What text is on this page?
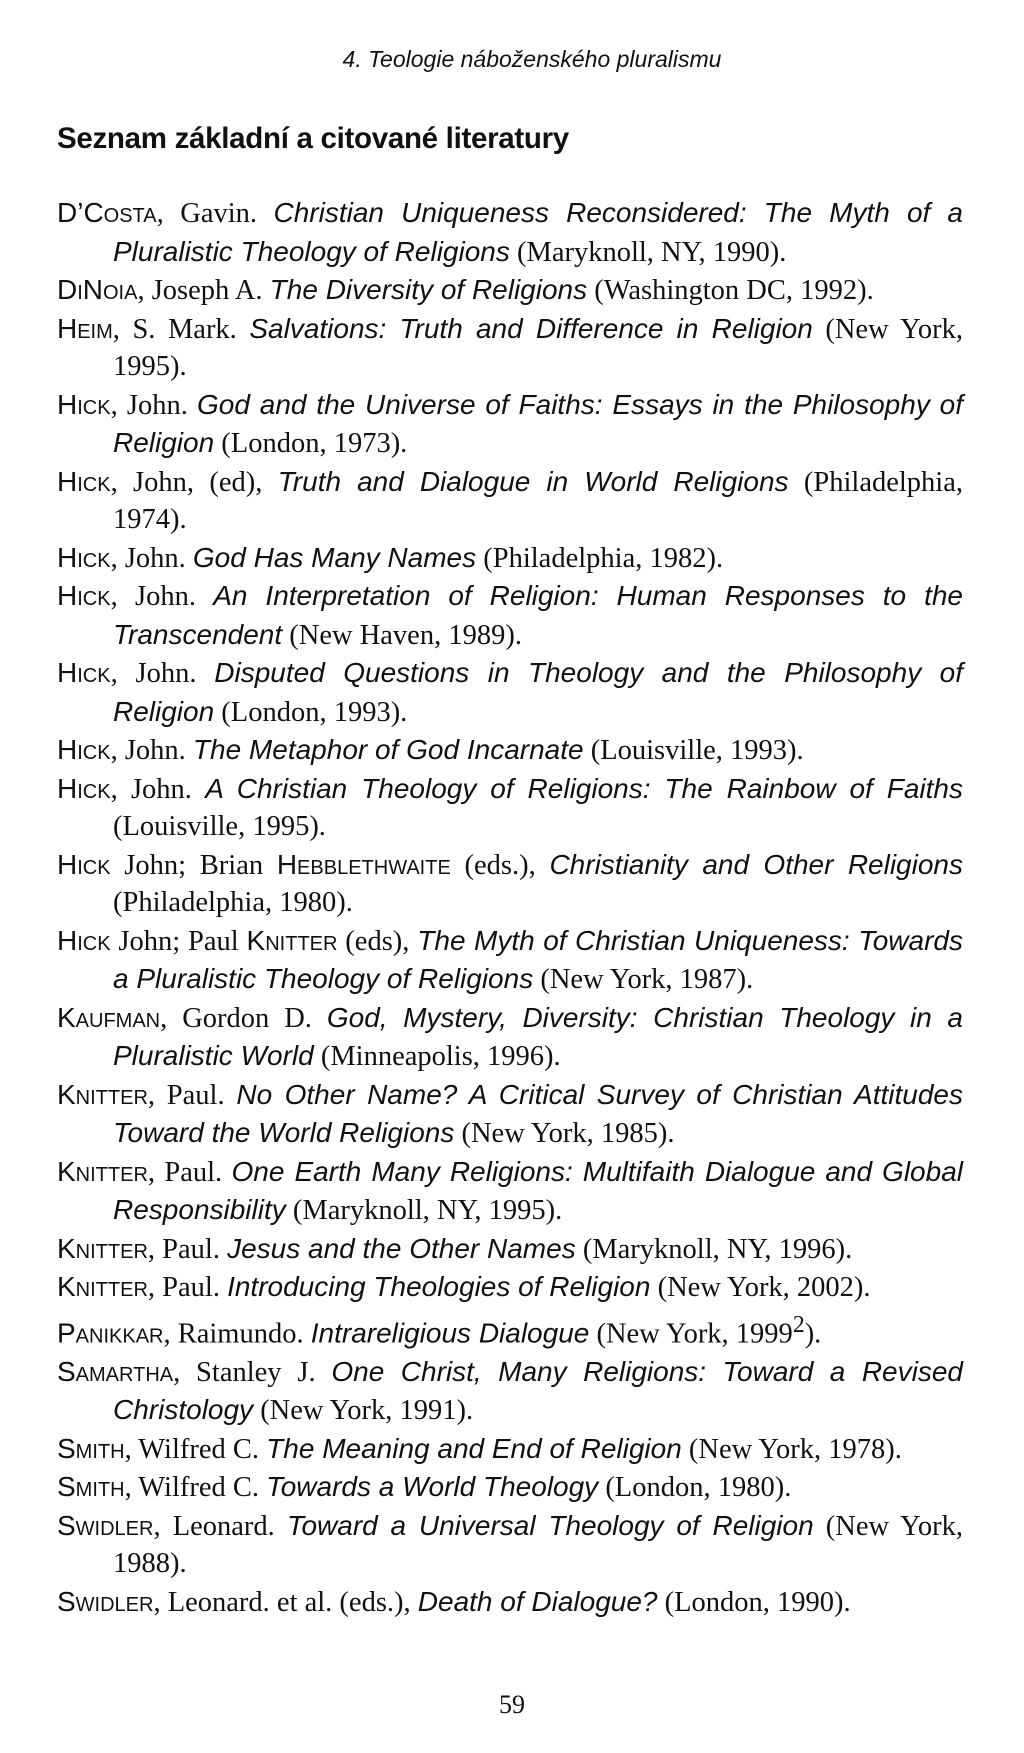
4. Teologie náboženského pluralismu
Seznam základní a citované literatury
D’Costa, Gavin. Christian Uniqueness Reconsidered: The Myth of a Pluralistic Theology of Religions (Maryknoll, NY, 1990).
DiNoia, Joseph A. The Diversity of Religions (Washington DC, 1992).
Heim, S. Mark. Salvations: Truth and Difference in Religion (New York, 1995).
Hick, John. God and the Universe of Faiths: Essays in the Philosophy of Religion (London, 1973).
Hick, John, (ed), Truth and Dialogue in World Religions (Philadelphia, 1974).
Hick, John. God Has Many Names (Philadelphia, 1982).
Hick, John. An Interpretation of Religion: Human Responses to the Transcendent (New Haven, 1989).
Hick, John. Disputed Questions in Theology and the Philosophy of Religion (London, 1993).
Hick, John. The Metaphor of God Incarnate (Louisville, 1993).
Hick, John. A Christian Theology of Religions: The Rainbow of Faiths (Louisville, 1995).
Hick John; Brian Hebblethwaite (eds.), Christianity and Other Religions (Philadelphia, 1980).
Hick John; Paul Knitter (eds), The Myth of Christian Uniqueness: Towards a Pluralistic Theology of Religions (New York, 1987).
Kaufman, Gordon D. God, Mystery, Diversity: Christian Theology in a Pluralistic World (Minneapolis, 1996).
Knitter, Paul. No Other Name? A Critical Survey of Christian Attitudes Toward the World Religions (New York, 1985).
Knitter, Paul. One Earth Many Religions: Multifaith Dialogue and Global Responsibility (Maryknoll, NY, 1995).
Knitter, Paul. Jesus and the Other Names (Maryknoll, NY, 1996).
Knitter, Paul. Introducing Theologies of Religion (New York, 2002).
Panikkar, Raimundo. Intrareligious Dialogue (New York, 1999$^2$).
Samartha, Stanley J. One Christ, Many Religions: Toward a Revised Christology (New York, 1991).
Smith, Wilfred C. The Meaning and End of Religion (New York, 1978).
Smith, Wilfred C. Towards a World Theology (London, 1980).
Swidler, Leonard. Toward a Universal Theology of Religion (New York, 1988).
Swidler, Leonard. et al. (eds.), Death of Dialogue? (London, 1990).
59
